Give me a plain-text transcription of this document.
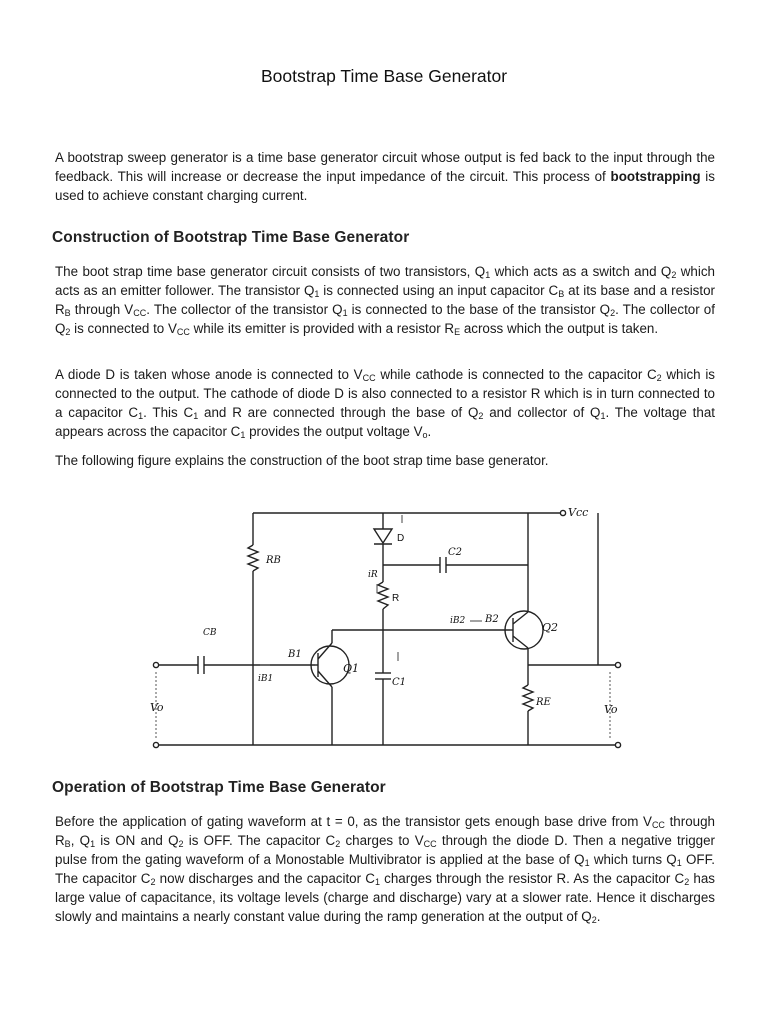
Bootstrap Time Base Generator

A bootstrap sweep generator is a time base generator circuit whose output is fed back to the input through the feedback. This will increase or decrease the input impedance of the circuit. This process of bootstrapping is used to achieve constant charging current.

Construction of Bootstrap Time Base Generator

The boot strap time base generator circuit consists of two transistors, $Q_1$ which acts as a switch and $Q_2$ which acts as an emitter follower. The transistor $Q_1$ is connected using an input capacitor $C_B$ at its base and a resistor $R_B$ through $V_{CC}$. The collector of the transistor $Q_1$ is connected to the base of the transistor $Q_2$. The collector of $Q_2$ is connected to $V_{CC}$ while its emitter is provided with a resistor $R_E$ across which the output is taken.

A diode D is taken whose anode is connected to $V_{CC}$ while cathode is connected to the capacitor $C_2$ which is connected to the output. The cathode of diode D is also connected to a resistor R which is in turn connected to a capacitor $C_1$. This $C_1$ and R are connected through the base of $Q_2$ and collector of $Q_1$. The voltage that appears across the capacitor $C_1$ provides the output voltage $V_o$.

The following figure explains the construction of the boot strap time base generator.

Vcc
RB
D
C2
iR
R
iB2 B2
Q2
CB
B1
Q1
iB1	C1
RE
Vo	Vo
Operation of Bootstrap Time Base Generator

Before the application of gating waveform at t = 0, as the transistor gets enough base drive from $V_{CC}$ through $R_B$, $Q_1$ is ON and $Q_2$ is OFF. The capacitor $C_2$ charges to $V_{CC}$ through the diode D. Then a negative trigger pulse from the gating waveform of a Monostable Multivibrator is applied at the base of $Q_1$ which turns $Q_1$ OFF. The capacitor $C_2$ now discharges and the capacitor $C_1$ charges through the resistor R. As the capacitor $C_2$ has large value of capacitance, its voltage levels (charge and discharge) vary at a slower rate. Hence it discharges slowly and maintains a nearly constant value during the ramp generation at the output of $Q_2$.
